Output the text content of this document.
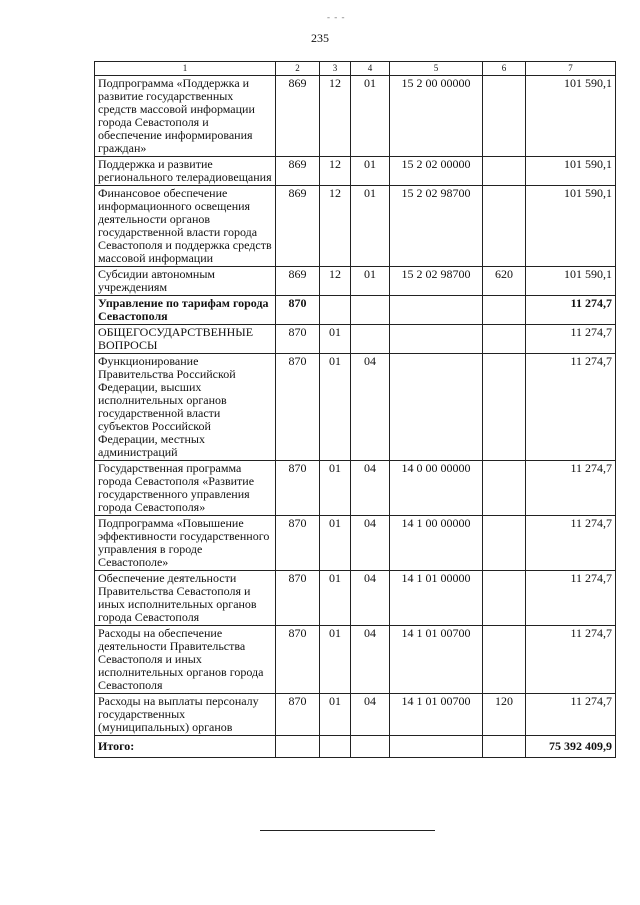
- - -
235
1	2	3	4	5	6	7
Подпрограмма «Поддержка и развитие государственных средств массовой информации города Севастополя и обеспечение информирования граждан»	869	12	01	15 2 00 00000		101 590,1
Поддержка и развитие регионального телерадиовещания	869	12	01	15 2 02 00000		101 590,1
Финансовое обеспечение информационного освещения деятельности органов государственной власти города Севастополя и поддержка средств массовой информации	869	12	01	15 2 02 98700		101 590,1
Субсидии автономным учреждениям	869	12	01	15 2 02 98700	620	101 590,1
Управление по тарифам города Севастополя	870					11 274,7
ОБЩЕГОСУДАРСТВЕННЫЕ ВОПРОСЫ	870	01				11 274,7
Функционирование Правительства Российской Федерации, высших исполнительных органов государственной власти субъектов Российской Федерации, местных администраций	870	01	04			11 274,7
Государственная программа города Севастополя «Развитие государственного управления города Севастополя»	870	01	04	14 0 00 00000		11 274,7
Подпрограмма «Повышение эффективности государственного управления в городе Севастополе»	870	01	04	14 1 00 00000		11 274,7
Обеспечение деятельности Правительства Севастополя и иных исполнительных органов города Севастополя	870	01	04	14 1 01 00000		11 274,7
Расходы на обеспечение деятельности Правительства Севастополя и иных исполнительных органов города Севастополя	870	01	04	14 1 01 00700		11 274,7
Расходы на выплаты персоналу государственных (муниципальных) органов	870	01	04	14 1 01 00700	120	11 274,7
Итого:						75 392 409,9
